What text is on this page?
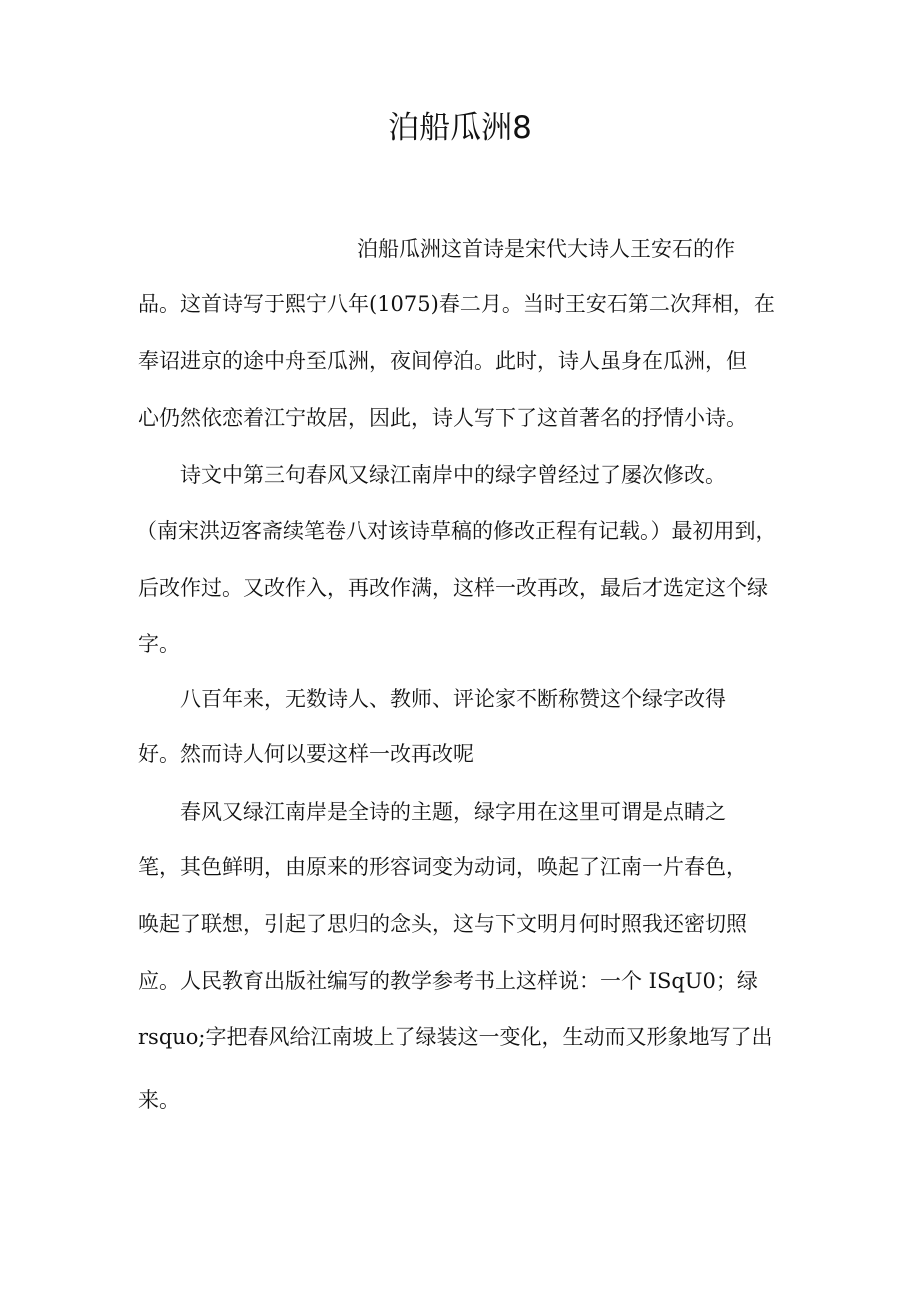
泊船瓜洲8
泊船瓜洲这首诗是宋代大诗人王安石的作
品。这首诗写于熙宁八年(1075)春二月。当时王安石第二次拜相，在
奉诏进京的途中舟至瓜洲，夜间停泊。此时，诗人虽身在瓜洲，但
心仍然依恋着江宁故居，因此，诗人写下了这首著名的抒情小诗。
诗文中第三句春风又绿江南岸中的绿字曾经过了屡次修改。
（南宋洪迈客斋续笔卷八对该诗草稿的修改正程有记载。）最初用到，
后改作过。又改作入，再改作满，这样一改再改，最后才选定这个绿
字。
八百年来，无数诗人、教师、评论家不断称赞这个绿字改得
好。然而诗人何以要这样一改再改呢
春风又绿江南岸是全诗的主题，绿字用在这里可谓是点睛之
笔，其色鲜明，由原来的形容词变为动词，唤起了江南一片春色，
唤起了联想，引起了思归的念头，这与下文明月何时照我还密切照
应。人民教育出版社编写的教学参考书上这样说：一个 ISqU0；绿
rsquo;字把春风给江南坡上了绿装这一变化，生动而又形象地写了出
来。
